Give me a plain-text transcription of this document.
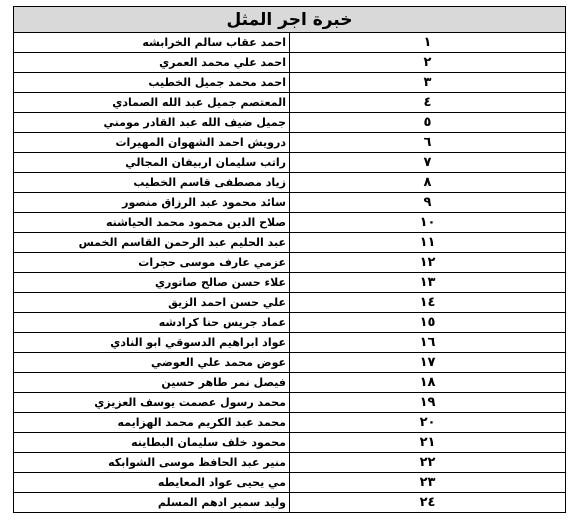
خبرة اجر المثل	
١	احمد عقاب سالم الخرابشه
٢	احمد علي محمد العمري
٣	احمد محمد جميل الخطيب
٤	المعتصم جميل عبد الله الصمادي
٥	جميل ضيف الله عبد القادر مومني
٦	درويش احمد الشهوان المهيرات
٧	راتب سليمان اربيفان المجالي
٨	زياد مصطفى قاسم الخطيب
٩	سائد محمود عبد الرزاق منصور
١٠	صلاح الدين محمود محمد الحياشنه
١١	عبد الحليم عبد الرحمن القاسم الخمس
١٢	عزمي عارف موسى حجرات
١٣	علاء حسن صالح صاتوري
١٤	علي حسن احمد الزيق
١٥	عماد جريس حنا كرادشه
١٦	عواد ابراهيم الدسوقي ابو النادي
١٧	عوض محمد علي العوضي
١٨	فيصل نمر طاهر حسين
١٩	محمد رسول عصمت يوسف العزيزي
٢٠	محمد عبد الكريم محمد الهزايمه
٢١	محمود خلف سليمان البطاينه
٢٢	منير عبد الحافظ موسى الشوابكه
٢٣	مي يحيى عواد المعايطه
٢٤	وليد سمير ادهم المسلم
